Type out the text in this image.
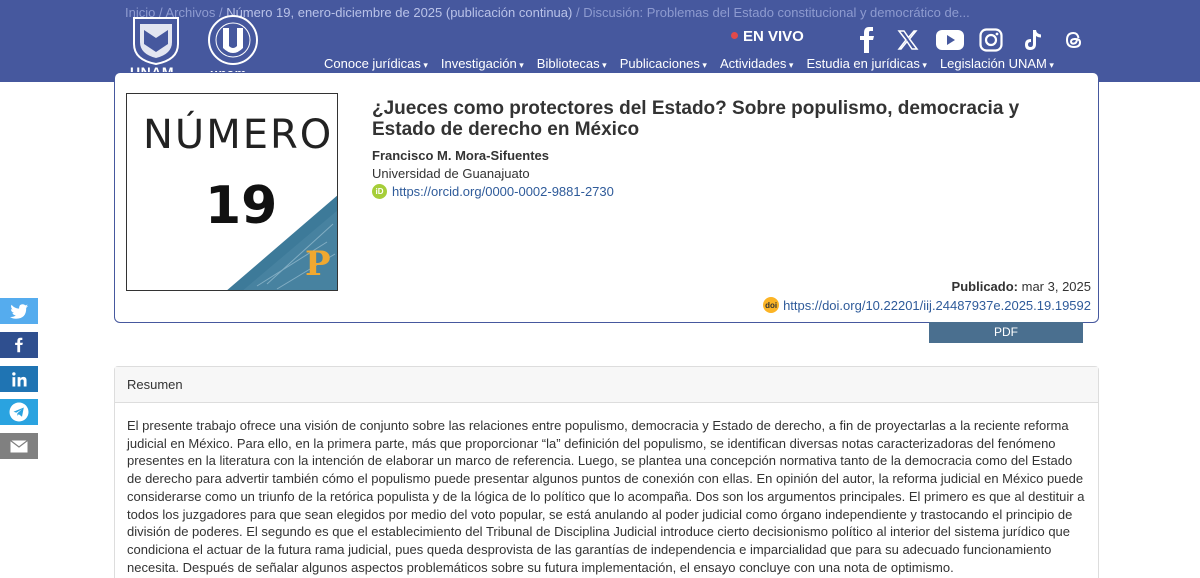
Inicio / Archivos / Número 19, enero-diciembre de 2025 (publicación continua) / Discusión: Problemas del Estado constitucional y democrático de...
EN VIVO
Conoce jurídicas ▾	Investigación ▾	Bibliotecas ▾	Publicaciones ▾	Actividades ▾	Estudia en jurídicas ▾	Legislación UNAM ▾
NÚMERO
19
P
¿Jueces como protectores del Estado? Sobre populismo, democracia y Estado de derecho en México
Francisco M. Mora-Sifuentes
Universidad de Guanajuato
iD https://orcid.org/0000-0002-9881-2730
Publicado: mar 3, 2025
doi https://doi.org/10.22201/iij.24487937e.2025.19.19592
PDF
Resumen
El presente trabajo ofrece una visión de conjunto sobre las relaciones entre populismo, democracia y Estado de derecho, a fin de proyectarlas a la reciente reforma judicial en México. Para ello, en la primera parte, más que proporcionar “la” definición del populismo, se identifican diversas notas caracterizadoras del fenómeno presentes en la literatura con la intención de elaborar un marco de referencia. Luego, se plantea una concepción normativa tanto de la democracia como del Estado de derecho para advertir también cómo el populismo puede presentar algunos puntos de conexión con ellas. En opinión del autor, la reforma judicial en México puede considerarse como un triunfo de la retórica populista y de la lógica de lo político que lo acompaña. Dos son los argumentos principales. El primero es que al destituir a todos los juzgadores para que sean elegidos por medio del voto popular, se está anulando al poder judicial como órgano independiente y trastocando el principio de división de poderes. El segundo es que el establecimiento del Tribunal de Disciplina Judicial introduce cierto decisionismo político al interior del sistema jurídico que condiciona el actuar de la futura rama judicial, pues queda desprovista de las garantías de independencia e imparcialidad que para su adecuado funcionamiento necesita. Después de señalar algunos aspectos problemáticos sobre su futura implementación, el ensayo concluye con una nota de optimismo.
